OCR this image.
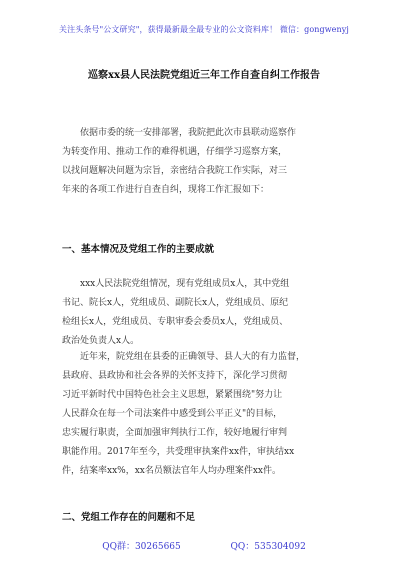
关注头条号"公文研究"，获得最新最全最专业的公文资料库！ 微信：gongwenyj
巡察xx县人民法院党组近三年工作自查自纠工作报告
依据市委的统一安排部署，我院把此次市县联动巡察作
为转变作用、推动工作的难得机遇，仔细学习巡察方案，
以找问题解决问题为宗旨，亲密结合我院工作实际，对三
年来的各项工作进行自查自纠，现将工作汇报如下：
一、基本情况及党组工作的主要成就
xxx人民法院党组情况，现有党组成员x人，其中党组
书记、院长x人，党组成员、副院长x人，党组成员、原纪
检组长x人，党组成员、专职审委会委员x人，党组成员、
政治处负责人x人。
近年来，院党组在县委的正确领导、县人大的有力监督，
县政府、县政协和社会各界的关怀支持下，深化学习贯彻
习近平新时代中国特色社会主义思想，紧紧围绕"努力让
人民群众在每一个司法案件中感受到公平正义"的目标，
忠实履行职责，全面加强审判执行工作，较好地履行审判
职能作用。2017年至今，共受理审执案件xx件，审执结xx
件，结案率xx%，xx名员额法官年人均办理案件xx件。
二、党组工作存在的问题和不足
QQ群：30265665	QQ：535304092
